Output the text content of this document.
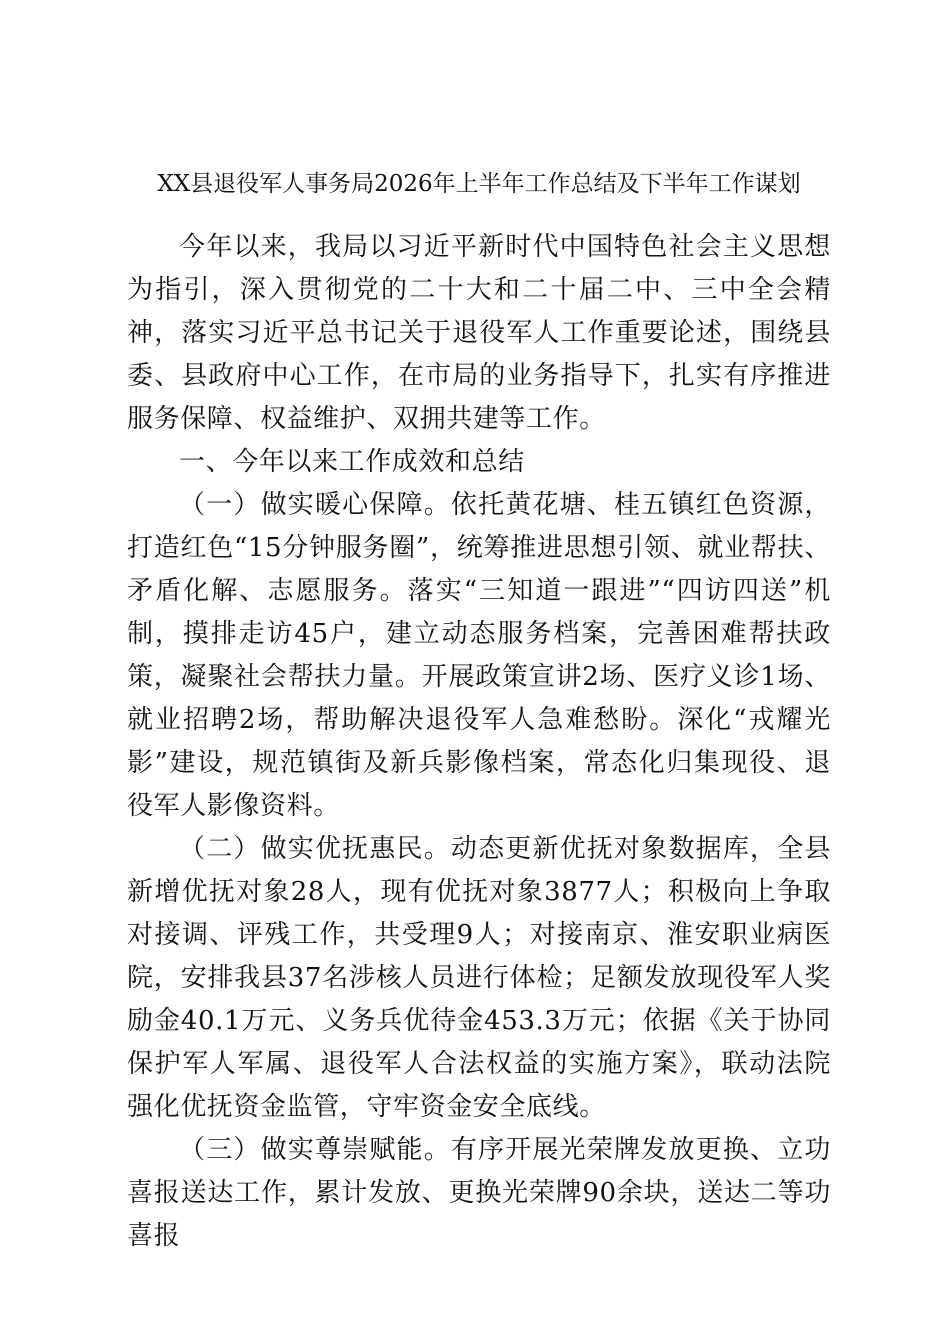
XX县退役军人事务局2026年上半年工作总结及下半年工作谋划

今年以来，我局以习近平新时代中国特色社会主义思想为指引，深入贯彻党的二十大和二十届二中、三中全会精神，落实习近平总书记关于退役军人工作重要论述，围绕县委、县政府中心工作，在市局的业务指导下，扎实有序推进服务保障、权益维护、双拥共建等工作。

一、今年以来工作成效和总结

（一）做实暖心保障。依托黄花塘、桂五镇红色资源，打造红色“15分钟服务圈”，统筹推进思想引领、就业帮扶、矛盾化解、志愿服务。落实“三知道一跟进”“四访四送”机制，摸排走访45户，建立动态服务档案，完善困难帮扶政策，凝聚社会帮扶力量。开展政策宣讲2场、医疗义诊1场、就业招聘2场，帮助解决退役军人急难愁盼。深化“戎耀光影”建设，规范镇街及新兵影像档案，常态化归集现役、退役军人影像资料。

（二）做实优抚惠民。动态更新优抚对象数据库，全县新增优抚对象28人，现有优抚对象3877人；积极向上争取对接调、评残工作，共受理9人；对接南京、淮安职业病医院，安排我县37名涉核人员进行体检；足额发放现役军人奖励金40.1万元、义务兵优待金453.3万元；依据《关于协同保护军人军属、退役军人合法权益的实施方案》，联动法院强化优抚资金监管，守牢资金安全底线。

（三）做实尊崇赋能。有序开展光荣牌发放更换、立功喜报送达工作，累计发放、更换光荣牌90余块，送达二等功喜报
